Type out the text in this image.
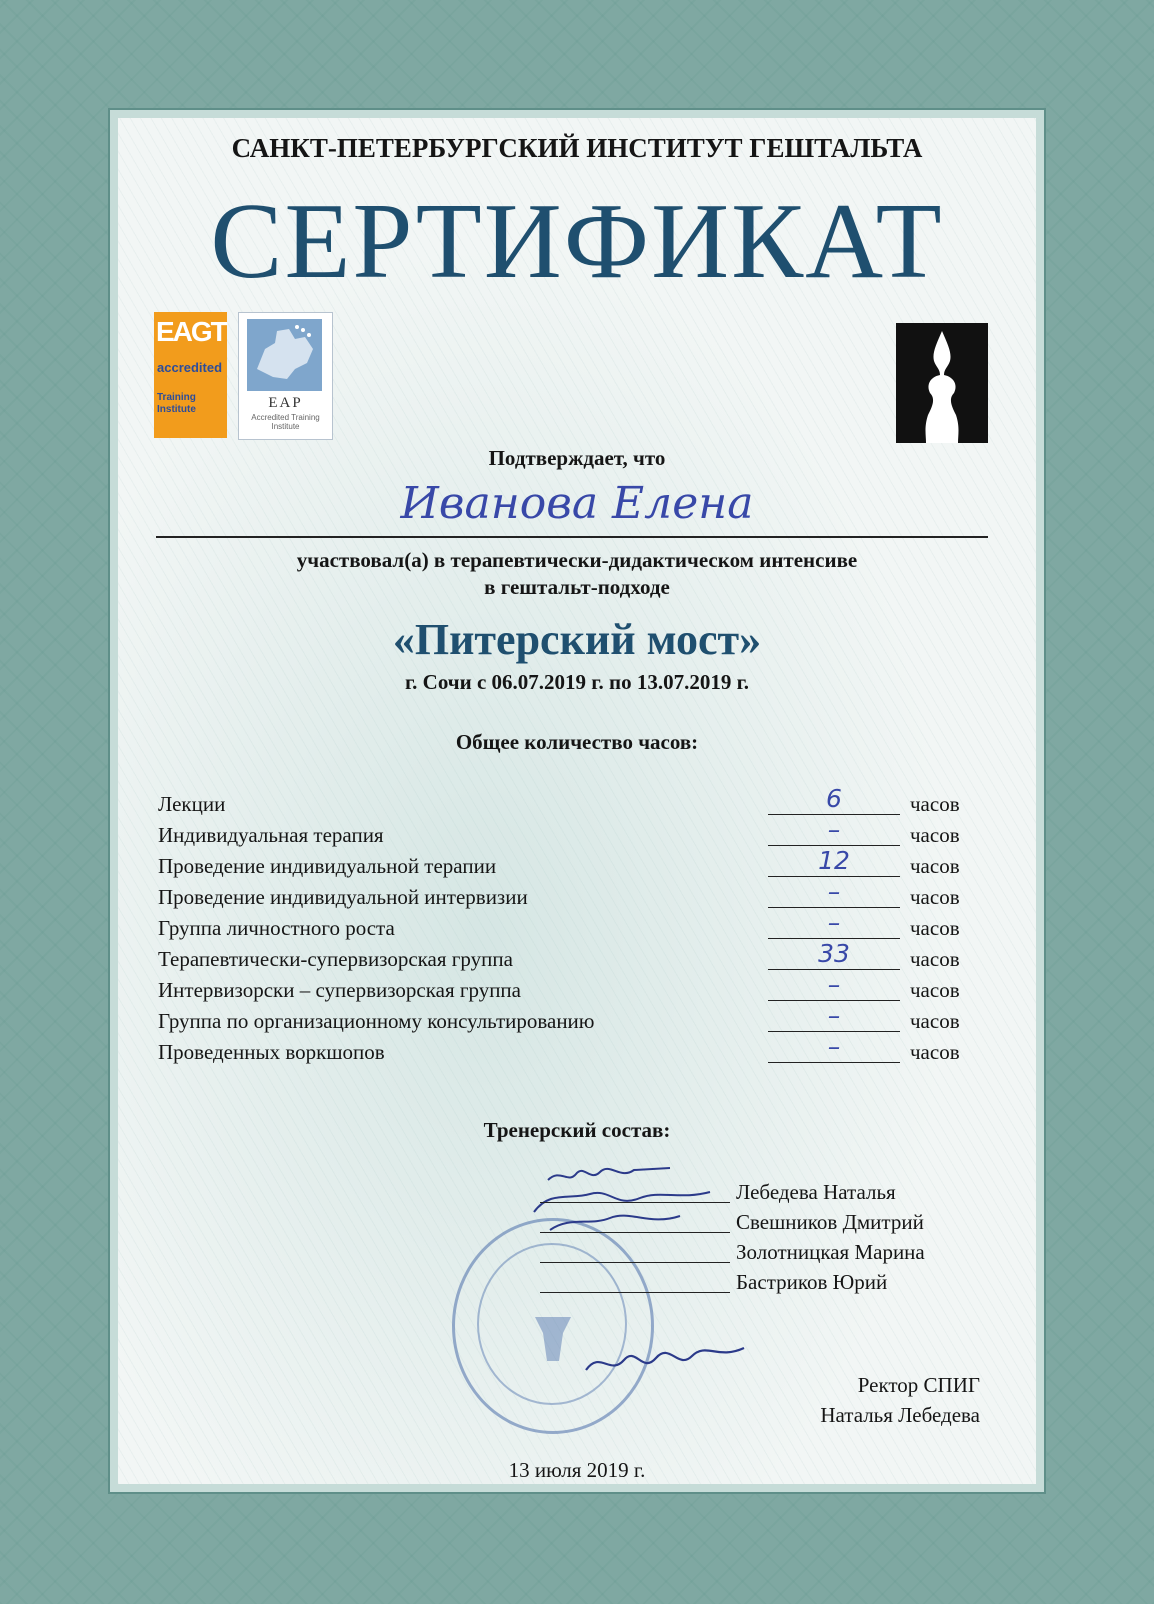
САНКТ-ПЕТЕРБУРГСКИЙ ИНСТИТУТ ГЕШТАЛЬТА
СЕРТИФИКАТ
EAGT
accredited
Training Institute	EAP
Accredited Training Institute
Подтверждает, что
Иванова Елена
участвовал(а) в терапевтически-дидактическом интенсиве
в гештальт-подходе
«Питерский мост»
г. Сочи с 06.07.2019 г. по 13.07.2019 г.
Общее количество часов:
Лекции	6	часов
Индивидуальная терапия	–	часов
Проведение индивидуальной терапии	12	часов
Проведение индивидуальной интервизии	–	часов
Группа личностного роста	–	часов
Терапевтически-супервизорская группа	33	часов
Интервизорски – супервизорская группа	–	часов
Группа по организационному консультированию	–	часов
Проведенных воркшопов	–	часов
Тренерский состав:
Лебедева Наталья
Свешников Дмитрий
Золотницкая Марина
Бастриков Юрий
Ректор СПИГ
Наталья Лебедева
13 июля 2019 г.
